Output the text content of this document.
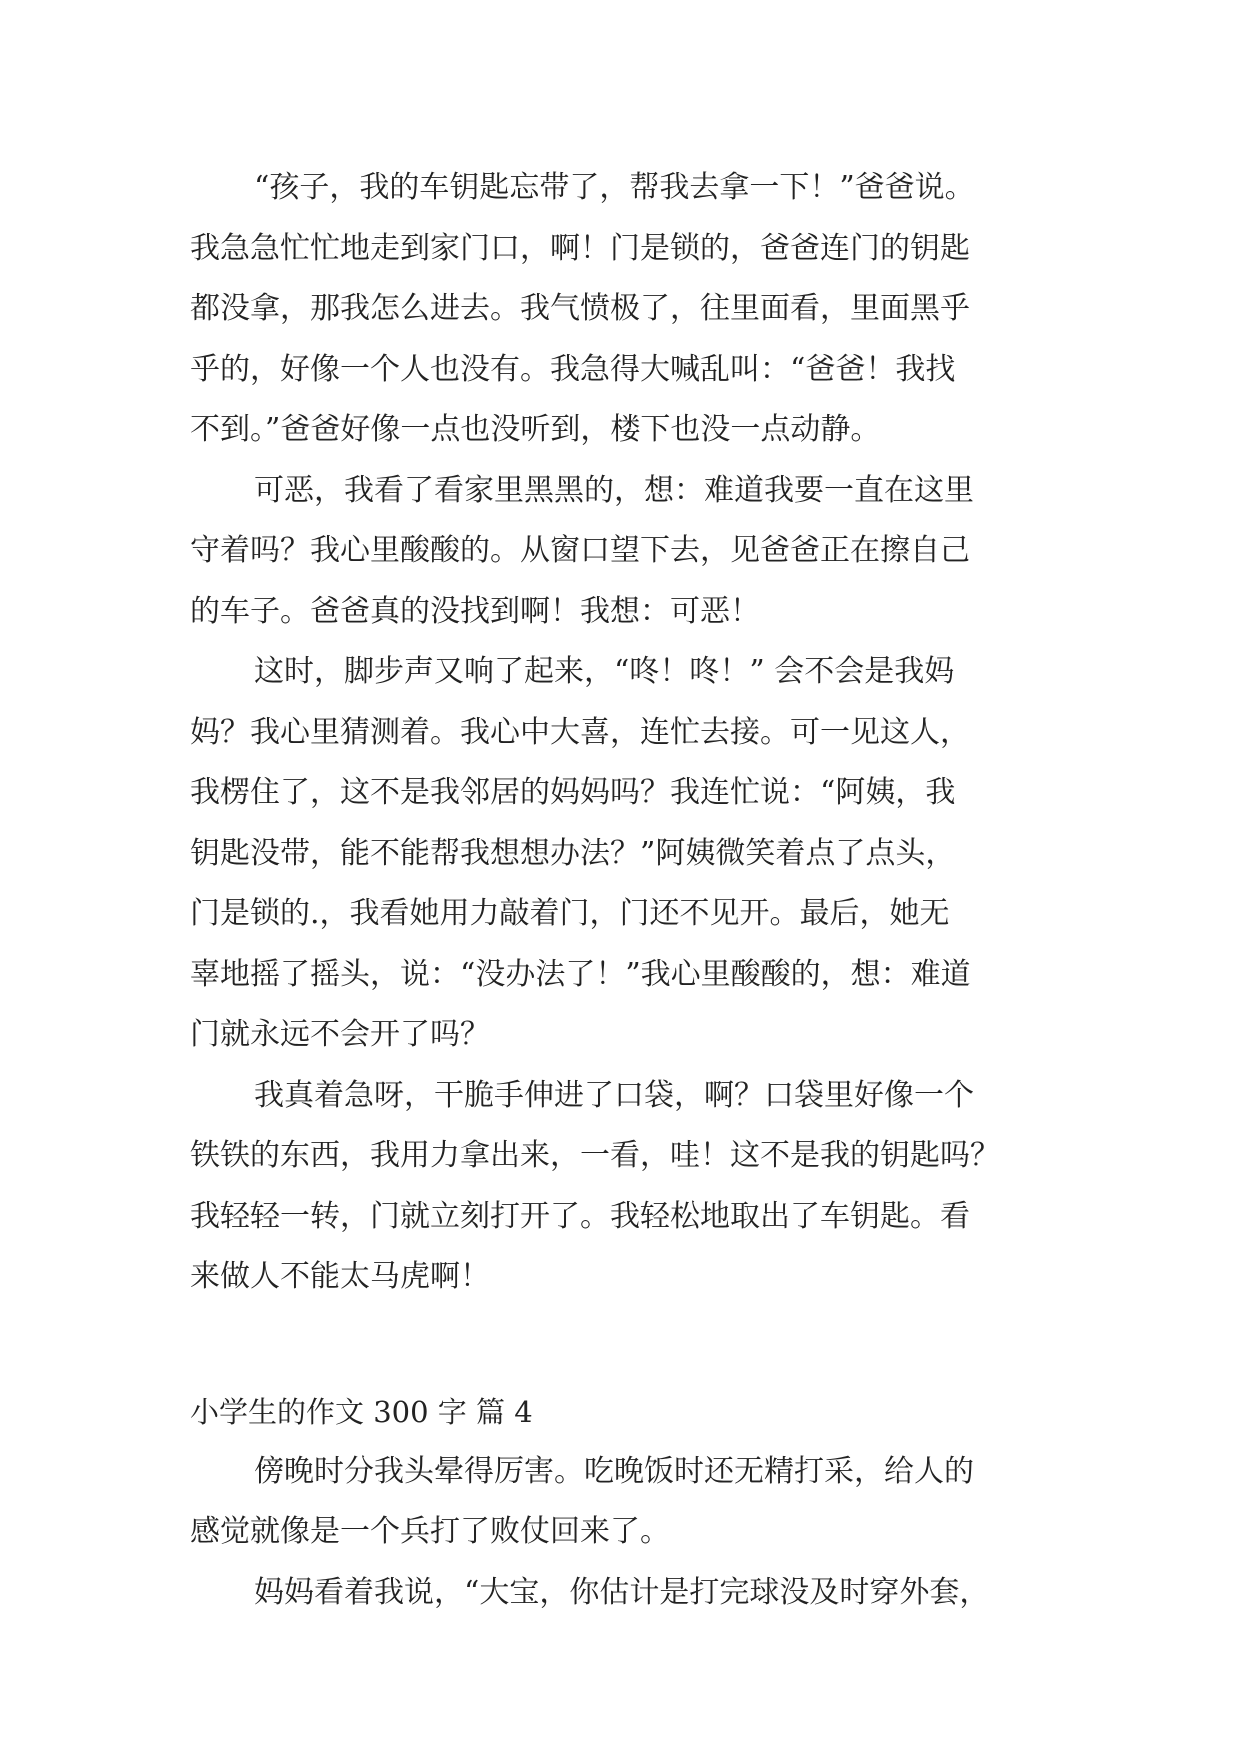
“孩子，我的车钥匙忘带了，帮我去拿一下！”爸爸说。
我急急忙忙地走到家门口，啊！门是锁的，爸爸连门的钥匙
都没拿，那我怎么进去。我气愤极了，往里面看，里面黑乎
乎的，好像一个人也没有。我急得大喊乱叫：“爸爸！我找
不到。”爸爸好像一点也没听到，楼下也没一点动静。
可恶，我看了看家里黑黑的，想：难道我要一直在这里
守着吗？我心里酸酸的。从窗口望下去，见爸爸正在擦自己
的车子。爸爸真的没找到啊！我想：可恶！
这时，脚步声又响了起来，“咚！咚！” 会不会是我妈
妈？我心里猜测着。我心中大喜，连忙去接。可一见这人，
我楞住了，这不是我邻居的妈妈吗？我连忙说：“阿姨，我
钥匙没带，能不能帮我想想办法？”阿姨微笑着点了点头，
门是锁的.，我看她用力敲着门，门还不见开。最后，她无
辜地摇了摇头，说：“没办法了！”我心里酸酸的，想：难道
门就永远不会开了吗？
我真着急呀，干脆手伸进了口袋，啊？口袋里好像一个
铁铁的东西，我用力拿出来，一看，哇！这不是我的钥匙吗？
我轻轻一转，门就立刻打开了。我轻松地取出了车钥匙。看
来做人不能太马虎啊！
小学生的作文 300 字 篇 4
傍晚时分我头晕得厉害。吃晚饭时还无精打采，给人的
感觉就像是一个兵打了败仗回来了。
妈妈看着我说，“大宝，你估计是打完球没及时穿外套，
